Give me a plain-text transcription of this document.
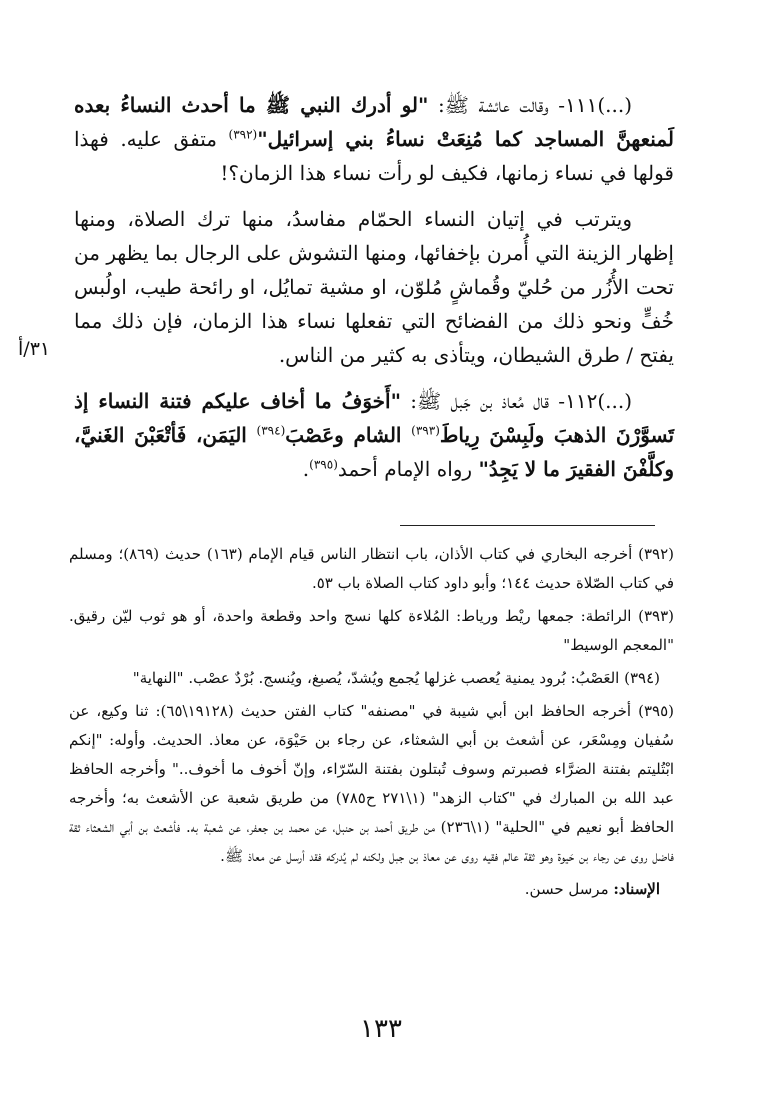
(...)١١١- وقالت عائشة ﷺ: "لو أدرك النبي ﷺ ما أحدث النساءُ بعده لَمنعهنَّ المساجد كما مُنِعَتْ نساءُ بني إسرائيل"$^{(٣٩٢)}$ متفق عليه. فهذا قولها في نساء زمانها، فكيف لو رأت نساء هذا الزمان؟!

ويترتب في إتيان النساء الحمّام مفاسدُ، منها ترك الصلاة، ومنها إظهار الزينة التي أُمرن بإخفائها، ومنها التشوش على الرجال بما يظهر من تحت الأُزُر من حُليّ وقُماشٍ مُلوّن، او مشية تمايُل، او رائحة طيب، اولُبس خُفٍّ ونحو ذلك من الفضائح التي تفعلها نساء هذا الزمان، فإن ذلك مما يفتح / طرق الشيطان، ويتأذى به كثير من الناس.

(...)١١٢- قال مُعاذ بن جَبل ﷺ: "أَخوَفُ ما أخاف عليكم فتنة النساء إذ تَسوَّرْنَ الذهبَ ولَبِسْنَ رِياطَ$^{(٣٩٣)}$ الشام وعَصْبَ$^{(٣٩٤)}$ اليَمَن، فَأتْعَبْنَ الغَنيَّ، وكلَّفْنَ الفقيرَ ما لا يَجِدُ" رواه الإمام أحمد$^{(٣٩٥)}$.

٣١/أ

(٣٩٢) أخرجه البخاري في كتاب الأذان، باب انتظار الناس قيام الإمام (١٦٣) حديث (٨٦٩)؛ ومسلم في كتاب الصّلاة حديث ١٤٤؛ وأبو داود كتاب الصلاة باب ٥٣.

(٣٩٣) الرائطة: جمعها ريْط ورياط: المُلاءة كلها نسج واحد وقطعة واحدة، أو هو ثوب ليّن رقيق. "المعجم الوسيط"

(٣٩٤) العَصْبُ: بُرود يمنية يُعصب غزلها يُجمع ويُشدّ، يُصبغ، ويُنسج. بُرْدٌ عصْب. "النهاية"

(٣٩٥) أخرجه الحافظ ابن أبي شيبة في "مصنفه" كتاب الفتن حديث (١٩١٢٨\٦٥): ثنا وكيع، عن سُفيان ومِسْعَر، عن أشعث بن أبي الشعثاء، عن رجاء بن حَيْوَة، عن معاذ. الحديث. وأوله: "إنكم ابْتُليتم بفتنة الضرَّاء فصبرتم وسوف تُبتلون بفتنة السّرّاء، وإنّ أخوف ما أخوف.." وأخرجه الحافظ عبد الله بن المبارك في "كتاب الزهد" (١\٢٧١ ح٧٨٥) من طريق شعبة عن الأشعث به؛ وأخرجه الحافظ أبو نعيم في "الحلية" (١\٢٣٦) من طريق أحمد بن حنبل، عن محمد بن جعفر، عن شعبة به. فأشعث بن أبي الشعثاء ثقة فاضل روى عن رجاء بن حَيوة وهو ثقة عالم فقيه روى عن معاذ بن جبل ولكنه لم يُدركه فقد أرسل عن معاذ ﷺ.

الإسناد: مرسل حسن.

١٣٣
